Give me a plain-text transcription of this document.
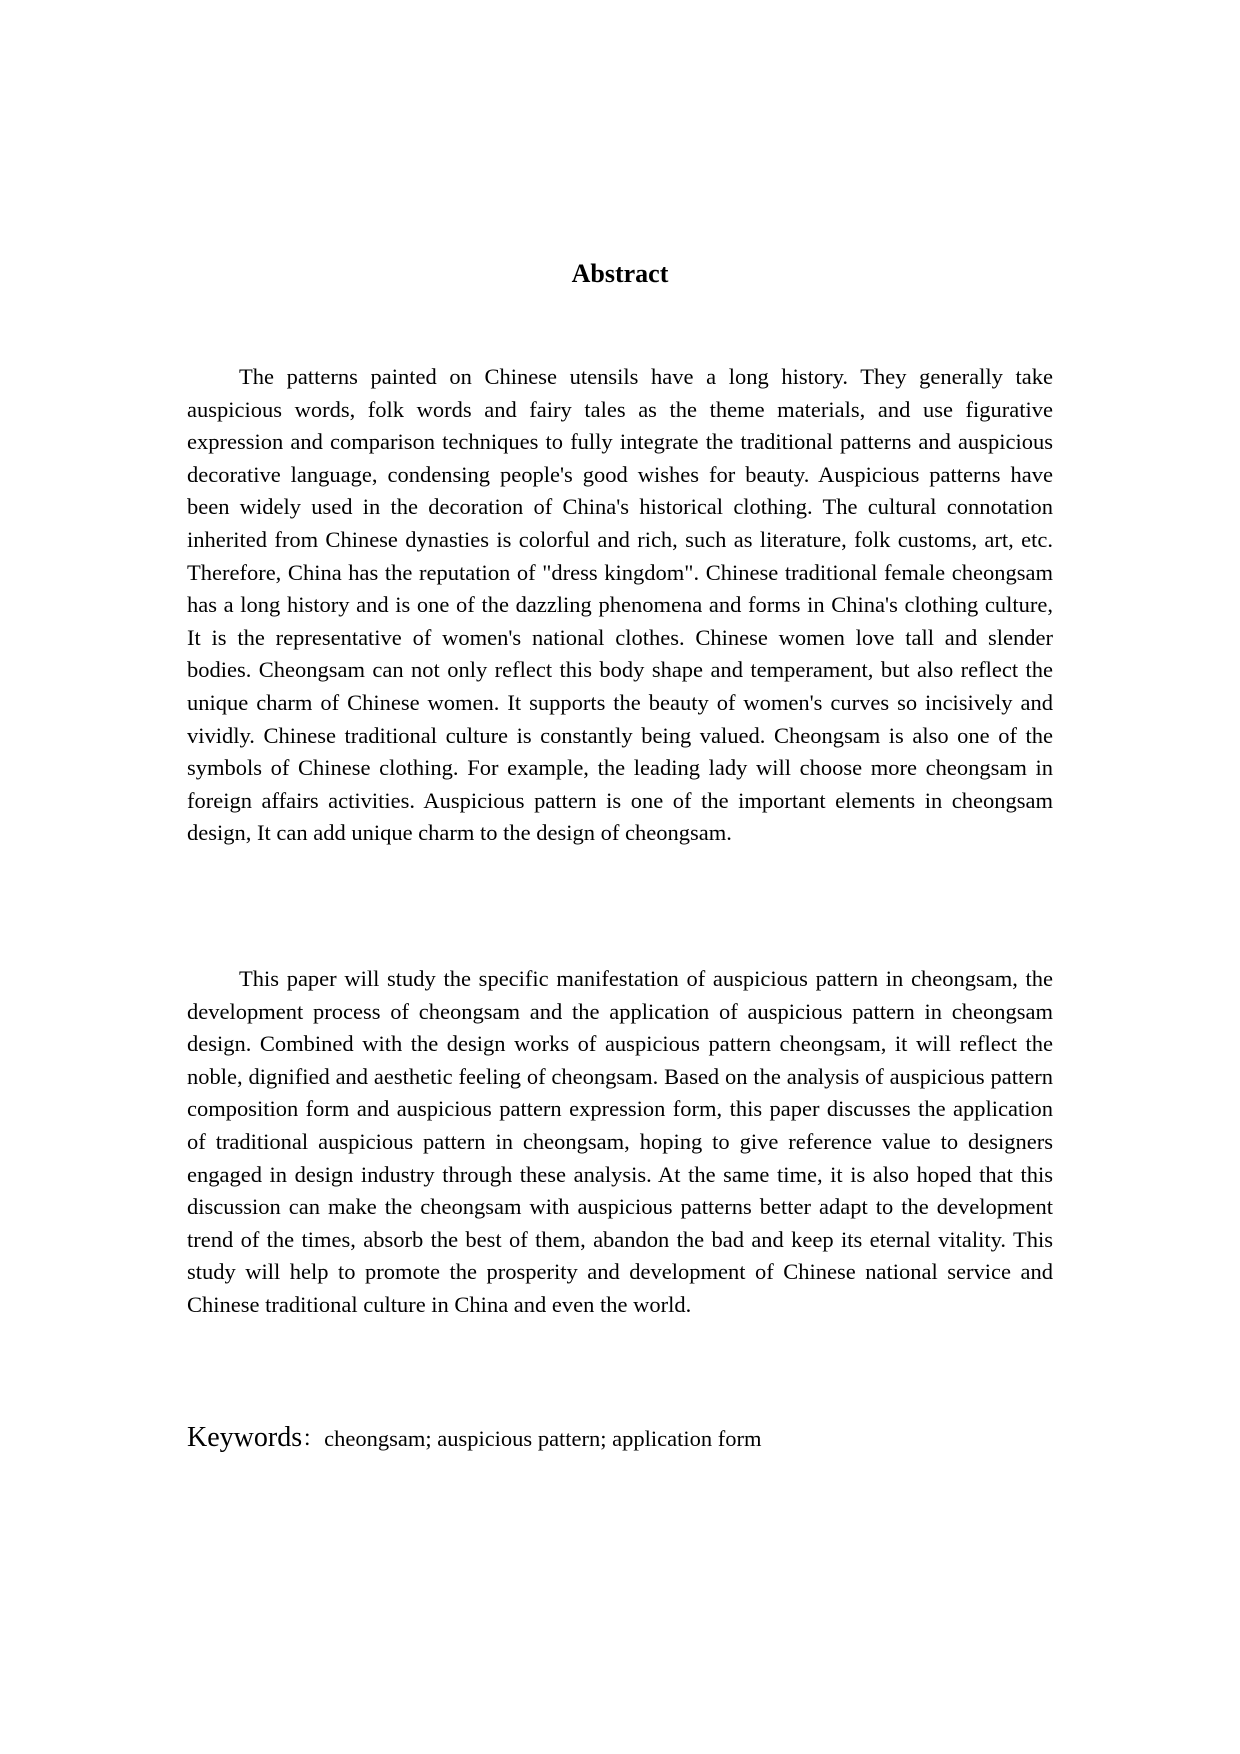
Abstract

The patterns painted on Chinese utensils have a long history. They generally take auspicious words, folk words and fairy tales as the theme materials, and use figurative expression and comparison techniques to fully integrate the traditional patterns and auspicious decorative language, condensing people's good wishes for beauty. Auspicious patterns have been widely used in the decoration of China's historical clothing. The cultural connotation inherited from Chinese dynasties is colorful and rich, such as literature, folk customs, art, etc. Therefore, China has the reputation of "dress kingdom". Chinese traditional female cheongsam has a long history and is one of the dazzling phenomena and forms in China's clothing culture, It is the representative of women's national clothes. Chinese women love tall and slender bodies. Cheongsam can not only reflect this body shape and temperament, but also reflect the unique charm of Chinese women. It supports the beauty of women's curves so incisively and vividly. Chinese traditional culture is constantly being valued. Cheongsam is also one of the symbols of Chinese clothing. For example, the leading lady will choose more cheongsam in foreign affairs activities. Auspicious pattern is one of the important elements in cheongsam design, It can add unique charm to the design of cheongsam.

This paper will study the specific manifestation of auspicious pattern in cheongsam, the development process of cheongsam and the application of auspicious pattern in cheongsam design. Combined with the design works of auspicious pattern cheongsam, it will reflect the noble, dignified and aesthetic feeling of cheongsam. Based on the analysis of auspicious pattern composition form and auspicious pattern expression form, this paper discusses the application of traditional auspicious pattern in cheongsam, hoping to give reference value to designers engaged in design industry through these analysis. At the same time, it is also hoped that this discussion can make the cheongsam with auspicious patterns better adapt to the development trend of the times, absorb the best of them, abandon the bad and keep its eternal vitality. This study will help to promote the prosperity and development of Chinese national service and Chinese traditional culture in China and even the world.

Keywords：cheongsam; auspicious pattern; application form
